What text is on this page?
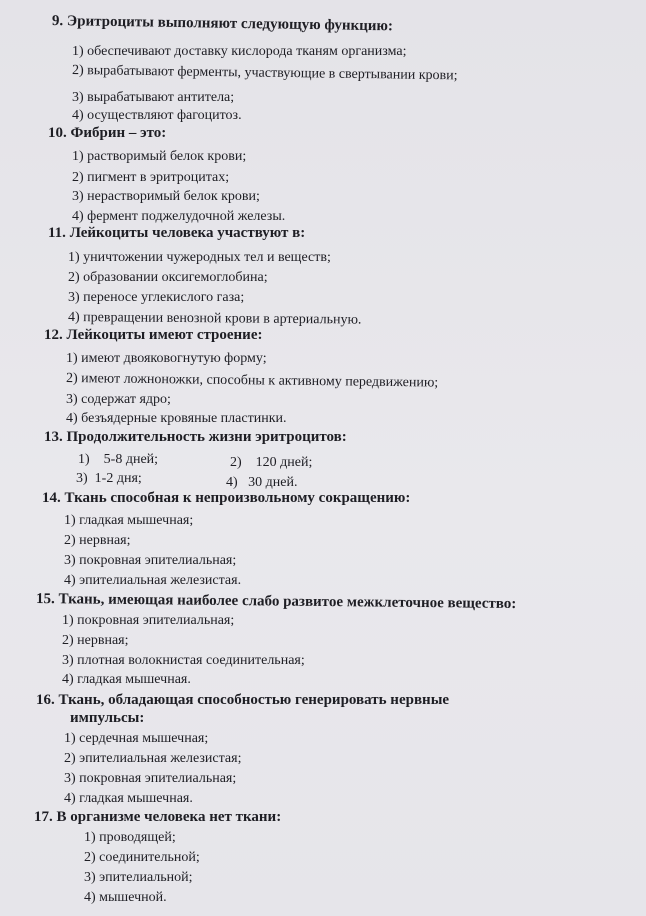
9. Эритроциты выполняют следующую функцию:
1) обеспечивают доставку кислорода тканям организма;
2) вырабатывают ферменты, участвующие в свертывании крови;
3) вырабатывают антитела;
4) осуществляют фагоцитоз.
10. Фибрин – это:
1) растворимый белок крови;
2) пигмент в эритроцитах;
3) нерастворимый белок крови;
4) фермент поджелудочной железы.
11. Лейкоциты человека участвуют в:
1) уничтожении чужеродных тел и веществ;
2) образовании оксигемоглобина;
3) переносе углекислого газа;
4) превращении венозной крови в артериальную.
12. Лейкоциты имеют строение:
1) имеют двояковогнутую форму;
2) имеют ложноножки, способны к активному передвижению;
3) содержат ядро;
4) безъядерные кровяные пластинки.
13. Продолжительность жизни эритроцитов:
1)    5-8 дней;	2)    120 дней;
3)  1-2 дня;	4)   30 дней.
14. Ткань способная к непроизвольному сокращению:
1) гладкая мышечная;
2) нервная;
3) покровная эпителиальная;
4) эпителиальная железистая.
15. Ткань, имеющая наиболее слабо развитое межклеточное вещество:
1) покровная эпителиальная;
2) нервная;
3) плотная волокнистая соединительная;
4) гладкая мышечная.
16. Ткань, обладающая способностью генерировать нервные
импульсы:
1) сердечная мышечная;
2) эпителиальная железистая;
3) покровная эпителиальная;
4) гладкая мышечная.
17. В организме человека нет ткани:
1) проводящей;
2) соединительной;
3) эпителиальной;
4) мышечной.
